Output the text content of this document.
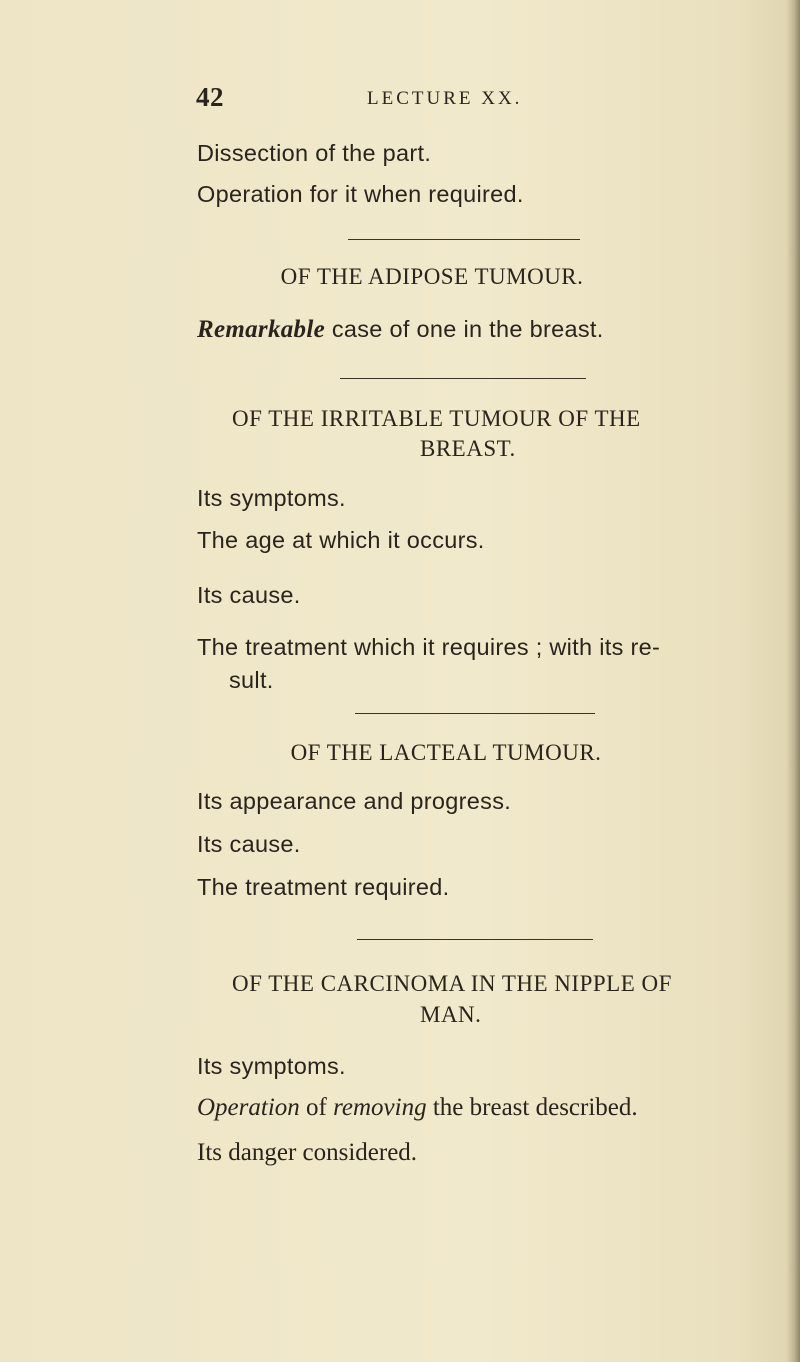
42	LECTURE XX.
Dissection of the part.
Operation for it when required.
OF THE ADIPOSE TUMOUR.
Remarkable case of one in the breast.
OF THE IRRITABLE TUMOUR OF THE
BREAST.
Its symptoms.
The age at which it occurs.
Its cause.
The treatment which it requires ; with its re-
sult.
OF THE LACTEAL TUMOUR.
Its appearance and progress.
Its cause.
The treatment required.
OF THE CARCINOMA IN THE NIPPLE OF
MAN.
Its symptoms.
Operation of removing the breast described.
Its danger considered.
